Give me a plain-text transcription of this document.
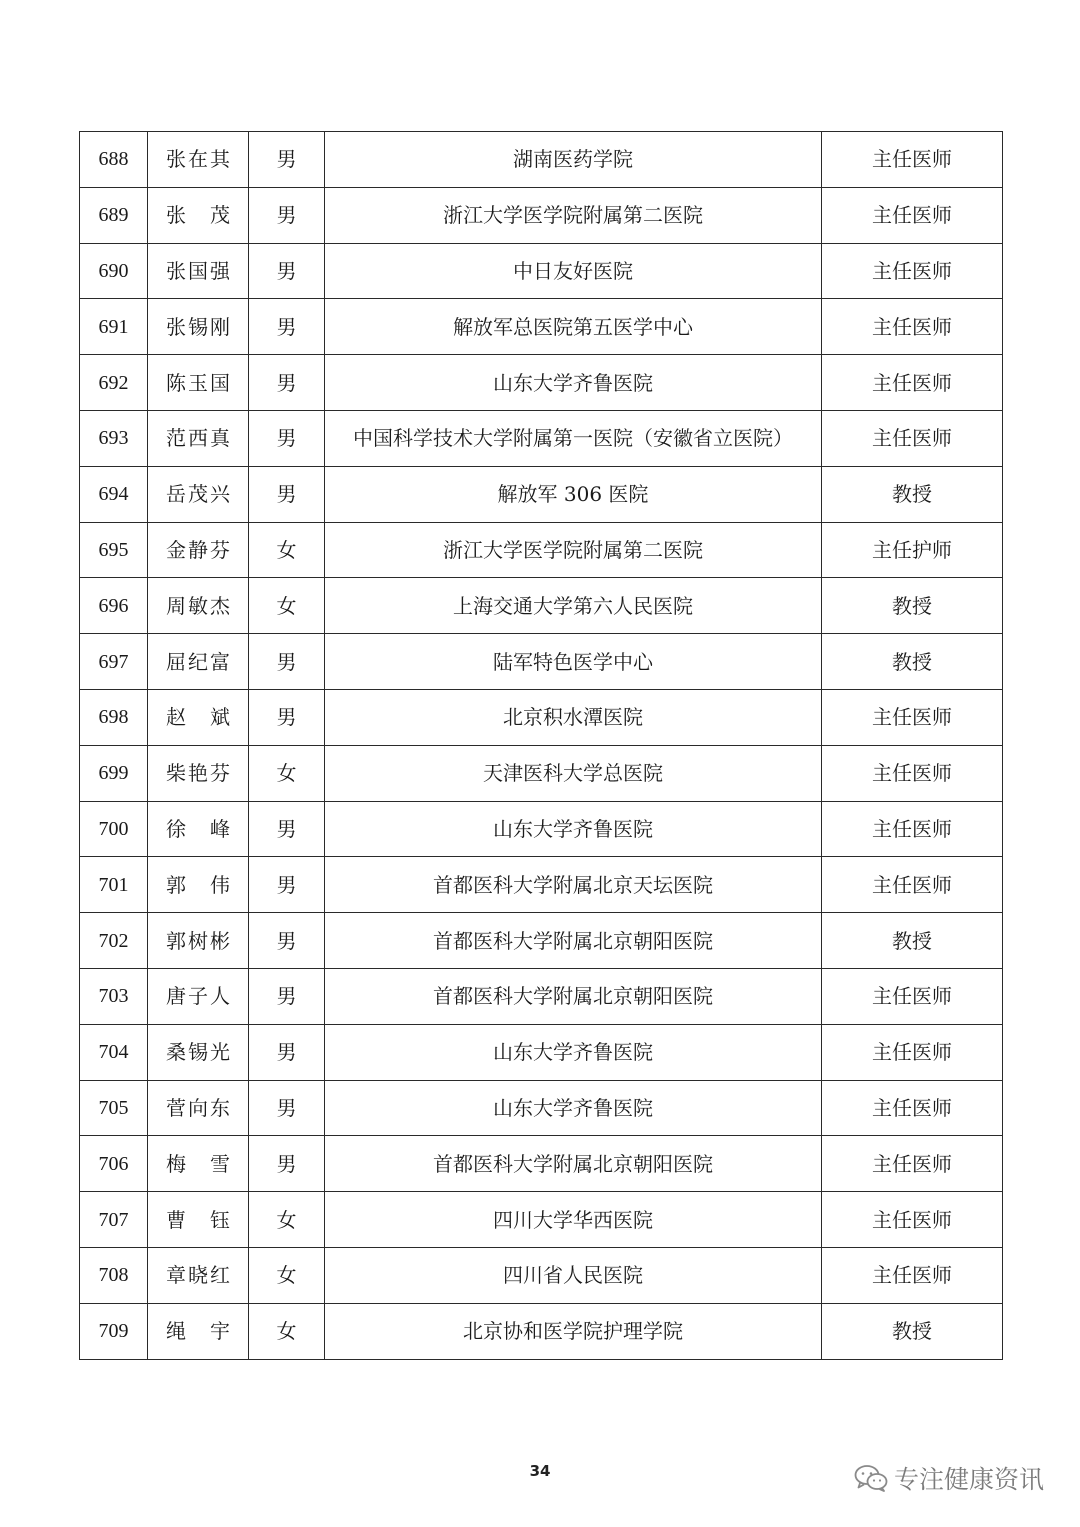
688	张在其	男	湖南医药学院	主任医师
689	张茂	男	浙江大学医学院附属第二医院	主任医师
690	张国强	男	中日友好医院	主任医师
691	张锡刚	男	解放军总医院第五医学中心	主任医师
692	陈玉国	男	山东大学齐鲁医院	主任医师
693	范西真	男	中国科学技术大学附属第一医院（安徽省立医院）	主任医师
694	岳茂兴	男	解放军 306 医院	教授
695	金静芬	女	浙江大学医学院附属第二医院	主任护师
696	周敏杰	女	上海交通大学第六人民医院	教授
697	屈纪富	男	陆军特色医学中心	教授
698	赵斌	男	北京积水潭医院	主任医师
699	柴艳芬	女	天津医科大学总医院	主任医师
700	徐峰	男	山东大学齐鲁医院	主任医师
701	郭伟	男	首都医科大学附属北京天坛医院	主任医师
702	郭树彬	男	首都医科大学附属北京朝阳医院	教授
703	唐子人	男	首都医科大学附属北京朝阳医院	主任医师
704	桑锡光	男	山东大学齐鲁医院	主任医师
705	菅向东	男	山东大学齐鲁医院	主任医师
706	梅雪	男	首都医科大学附属北京朝阳医院	主任医师
707	曹钰	女	四川大学华西医院	主任医师
708	章晓红	女	四川省人民医院	主任医师
709	绳宇	女	北京协和医学院护理学院	教授
34	专注健康资讯
